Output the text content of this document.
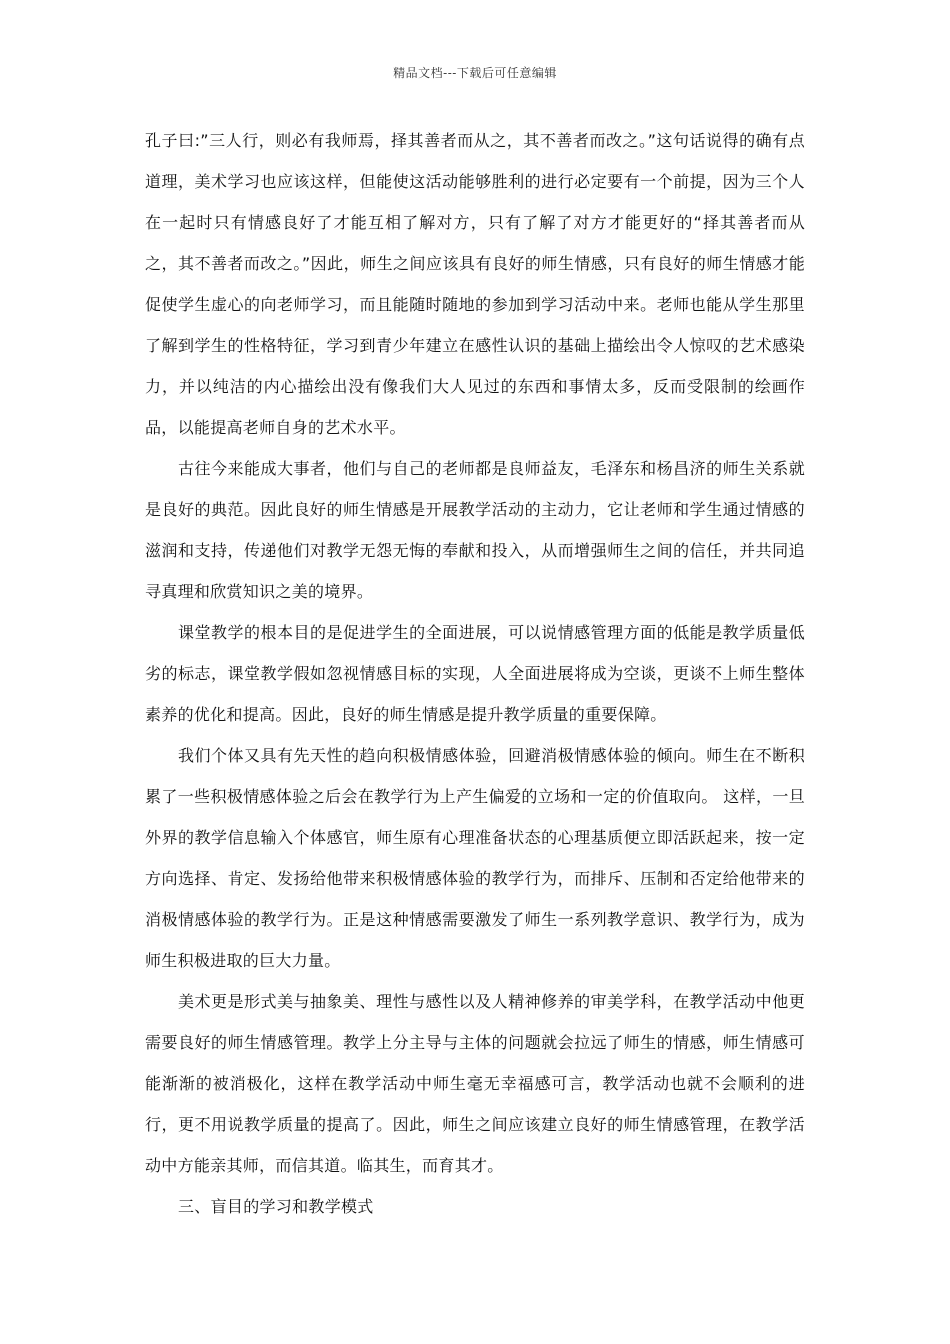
精品文档---下载后可任意编辑

孔子曰:”三人行，则必有我师焉，择其善者而从之，其不善者而改之。”这句话说得的确有点道理，美术学习也应该这样，但能使这活动能够胜利的进行必定要有一个前提，因为三个人在一起时只有情感良好了才能互相了解对方，只有了解了对方才能更好的“择其善者而从之，其不善者而改之。”因此，师生之间应该具有良好的师生情感，只有良好的师生情感才能促使学生虚心的向老师学习，而且能随时随地的参加到学习活动中来。老师也能从学生那里了解到学生的性格特征，学习到青少年建立在感性认识的基础上描绘出令人惊叹的艺术感染力，并以纯洁的内心描绘出没有像我们大人见过的东西和事情太多，反而受限制的绘画作品，以能提高老师自身的艺术水平。

古往今来能成大事者，他们与自己的老师都是良师益友，毛泽东和杨昌济的师生关系就是良好的典范。因此良好的师生情感是开展教学活动的主动力，它让老师和学生通过情感的滋润和支持，传递他们对教学无怨无悔的奉献和投入，从而增强师生之间的信任，并共同追寻真理和欣赏知识之美的境界。

课堂教学的根本目的是促进学生的全面进展，可以说情感管理方面的低能是教学质量低劣的标志，课堂教学假如忽视情感目标的实现，人全面进展将成为空谈，更谈不上师生整体素养的优化和提高。因此，良好的师生情感是提升教学质量的重要保障。

我们个体又具有先天性的趋向积极情感体验，回避消极情感体验的倾向。师生在不断积累了一些积极情感体验之后会在教学行为上产生偏爱的立场和一定的价值取向。 这样，一旦外界的教学信息输入个体感官，师生原有心理准备状态的心理基质便立即活跃起来，按一定方向选择、肯定、发扬给他带来积极情感体验的教学行为，而排斥、压制和否定给他带来的消极情感体验的教学行为。正是这种情感需要激发了师生一系列教学意识、教学行为，成为师生积极进取的巨大力量。

美术更是形式美与抽象美、理性与感性以及人精神修养的审美学科，在教学活动中他更需要良好的师生情感管理。教学上分主导与主体的问题就会拉远了师生的情感，师生情感可能渐渐的被消极化，这样在教学活动中师生毫无幸福感可言，教学活动也就不会顺利的进行，更不用说教学质量的提高了。因此，师生之间应该建立良好的师生情感管理，在教学活动中方能亲其师，而信其道。临其生，而育其才。

三、盲目的学习和教学模式
